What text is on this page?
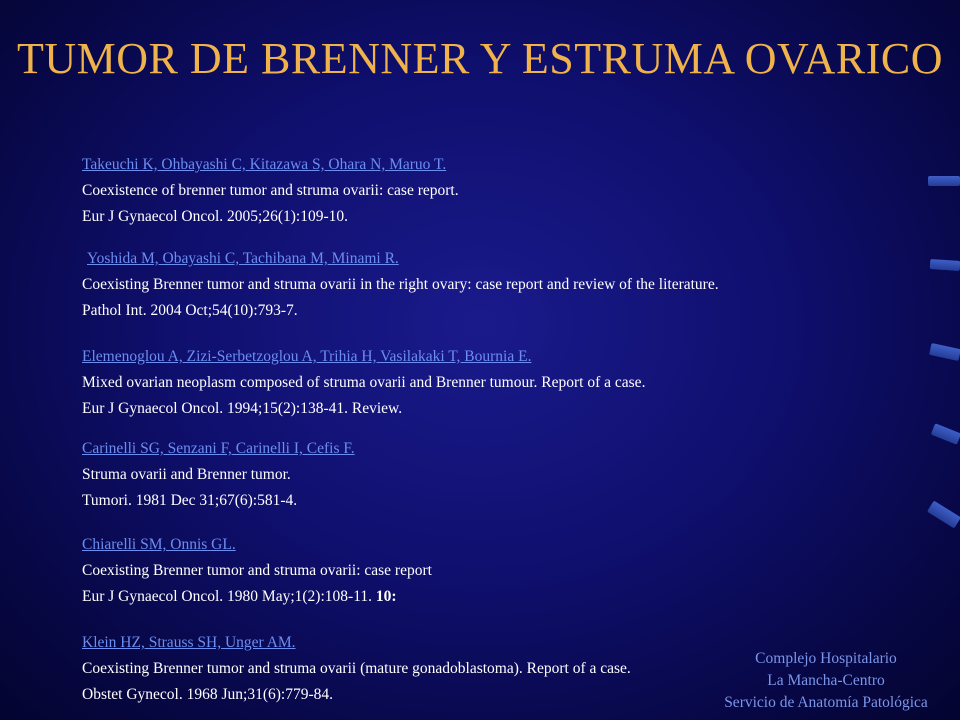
TUMOR DE BRENNER Y ESTRUMA OVARICO
Takeuchi K, Ohbayashi C, Kitazawa S, Ohara N, Maruo T.
Coexistence of brenner tumor and struma ovarii: case report.
Eur J Gynaecol Oncol. 2005;26(1):109-10.
Yoshida M, Obayashi C, Tachibana M, Minami R.
Coexisting Brenner tumor and struma ovarii in the right ovary: case report and review of the literature.
Pathol Int. 2004 Oct;54(10):793-7.
Elemenoglou A, Zizi-Serbetzoglou A, Trihia H, Vasilakaki T, Bournia E.
Mixed ovarian neoplasm composed of struma ovarii and Brenner tumour. Report of a case.
Eur J Gynaecol Oncol. 1994;15(2):138-41. Review.
Carinelli SG, Senzani F, Carinelli I, Cefis F.
Struma ovarii and Brenner tumor.
Tumori. 1981 Dec 31;67(6):581-4.
Chiarelli SM, Onnis GL.
Coexisting Brenner tumor and struma ovarii: case report
Eur J Gynaecol Oncol. 1980 May;1(2):108-11. 10:
Klein HZ, Strauss SH, Unger AM.
Coexisting Brenner tumor and struma ovarii (mature gonadoblastoma). Report of a case.
Obstet Gynecol. 1968 Jun;31(6):779-84.
Complejo Hospitalario
La Mancha-Centro
Servicio de Anatomía Patológica
